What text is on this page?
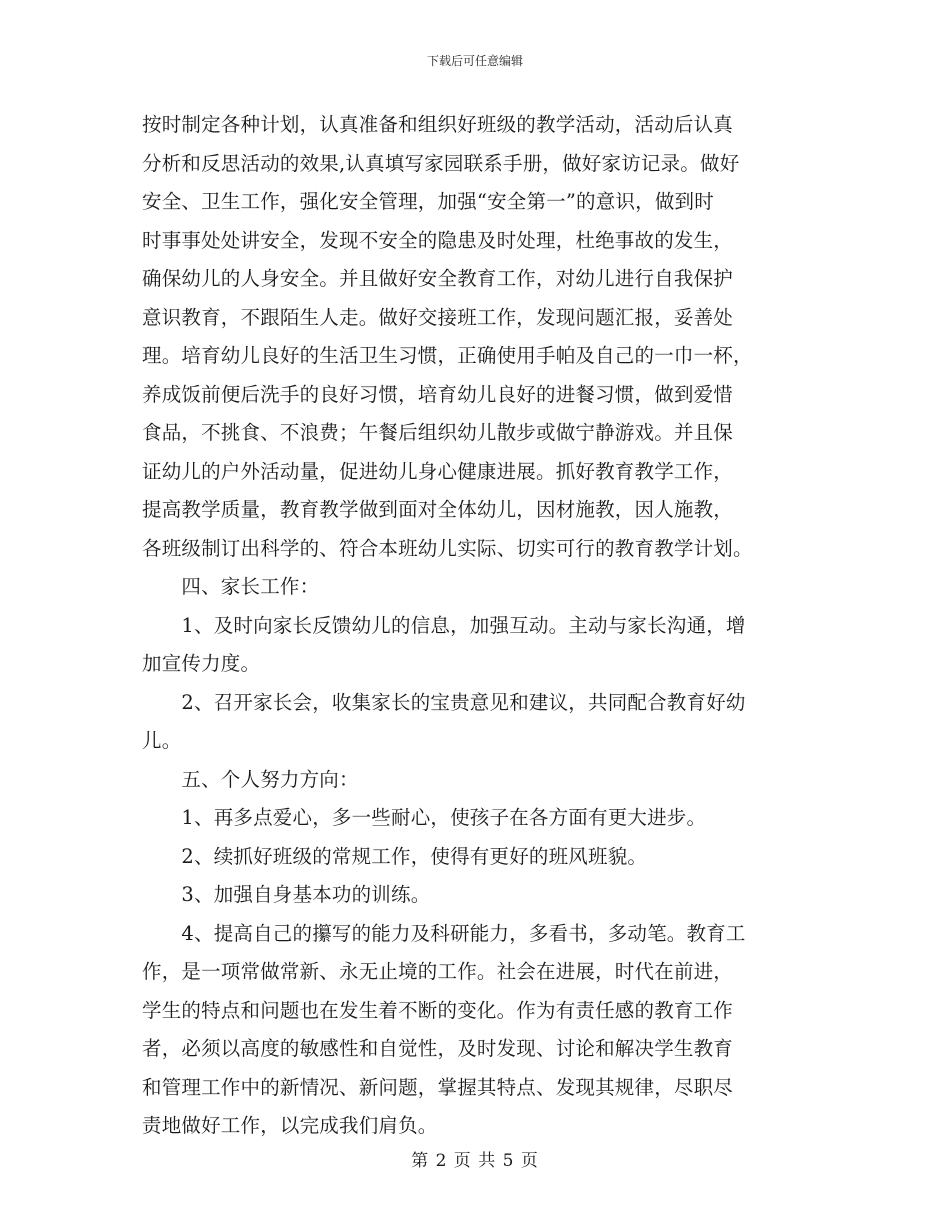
下载后可任意编辑
按时制定各种计划，认真准备和组织好班级的教学活动，活动后认真
分析和反思活动的效果,认真填写家园联系手册，做好家访记录。做好
安全、卫生工作，强化安全管理，加强“安全第一”的意识，做到时
时事事处处讲安全，发现不安全的隐患及时处理，杜绝事故的发生，
确保幼儿的人身安全。并且做好安全教育工作，对幼儿进行自我保护
意识教育，不跟陌生人走。做好交接班工作，发现问题汇报，妥善处
理。培育幼儿良好的生活卫生习惯，正确使用手帕及自己的一巾一杯，
养成饭前便后洗手的良好习惯，培育幼儿良好的进餐习惯，做到爱惜
食品，不挑食、不浪费；午餐后组织幼儿散步或做宁静游戏。并且保
证幼儿的户外活动量，促进幼儿身心健康进展。抓好教育教学工作，
提高教学质量，教育教学做到面对全体幼儿，因材施教，因人施教，
各班级制订出科学的、符合本班幼儿实际、切实可行的教育教学计划。
　　四、家长工作：
　　1、及时向家长反馈幼儿的信息，加强互动。主动与家长沟通，增
加宣传力度。
　　2、召开家长会，收集家长的宝贵意见和建议，共同配合教育好幼
儿。
　　五、个人努力方向：
　　1、再多点爱心，多一些耐心，使孩子在各方面有更大进步。
　　2、续抓好班级的常规工作，使得有更好的班风班貌。
　　3、加强自身基本功的训练。
　　4、提高自己的攥写的能力及科研能力，多看书，多动笔。教育工
作，是一项常做常新、永无止境的工作。社会在进展，时代在前进，
学生的特点和问题也在发生着不断的变化。作为有责任感的教育工作
者，必须以高度的敏感性和自觉性，及时发现、讨论和解决学生教育
和管理工作中的新情况、新问题，掌握其特点、发现其规律，尽职尽
责地做好工作，以完成我们肩负。
第 2 页 共 5 页
